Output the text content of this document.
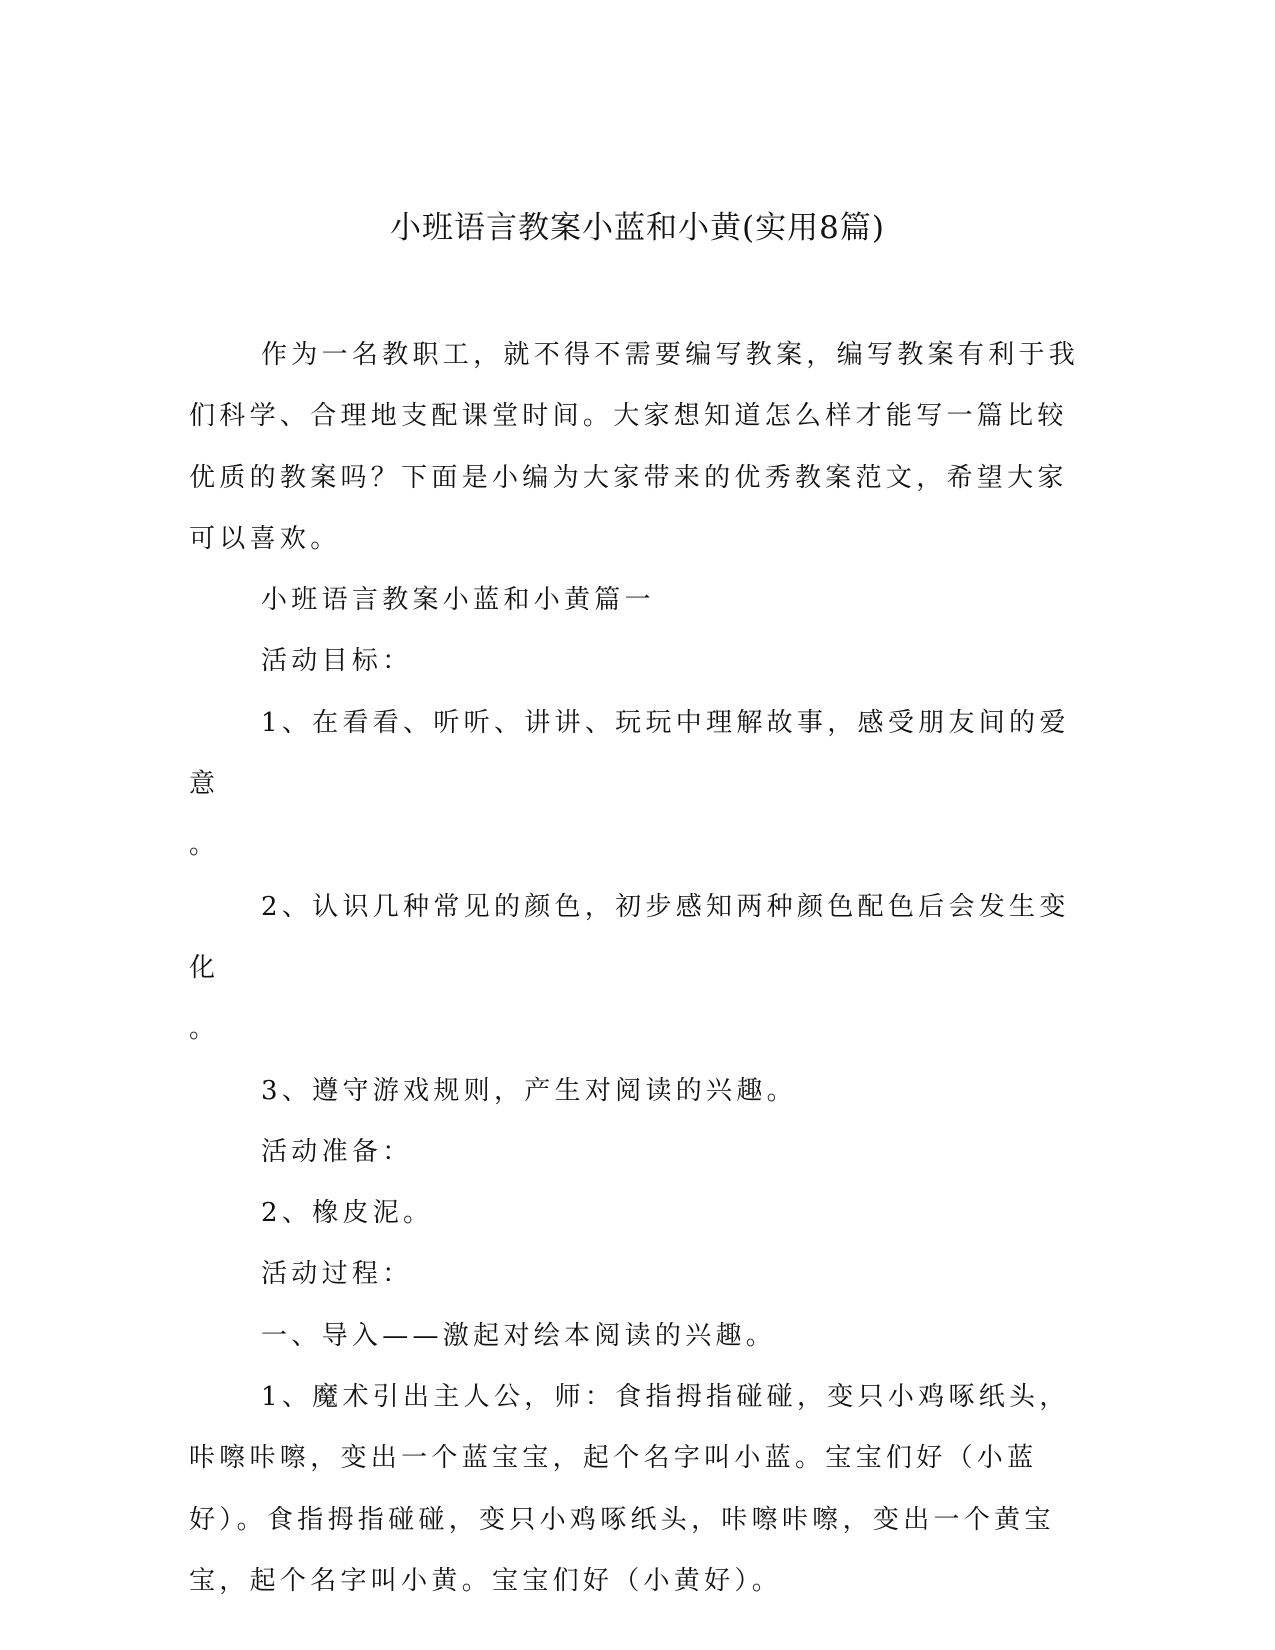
小班语言教案小蓝和小黄(实用8篇)

作为一名教职工，就不得不需要编写教案，编写教案有利于我们科学、合理地支配课堂时间。大家想知道怎么样才能写一篇比较优质的教案吗？下面是小编为大家带来的优秀教案范文，希望大家可以喜欢。

小班语言教案小蓝和小黄篇一

活动目标：

1、在看看、听听、讲讲、玩玩中理解故事，感受朋友间的爱意

。

2、认识几种常见的颜色，初步感知两种颜色配色后会发生变化

。

3、遵守游戏规则，产生对阅读的兴趣。

活动准备：

2、橡皮泥。

活动过程：

一、导入——激起对绘本阅读的兴趣。

1、魔术引出主人公，师：食指拇指碰碰，变只小鸡啄纸头，咔嚓咔嚓，变出一个蓝宝宝，起个名字叫小蓝。宝宝们好（小蓝好）。食指拇指碰碰，变只小鸡啄纸头，咔嚓咔嚓，变出一个黄宝宝，起个名字叫小黄。宝宝们好（小黄好）。
